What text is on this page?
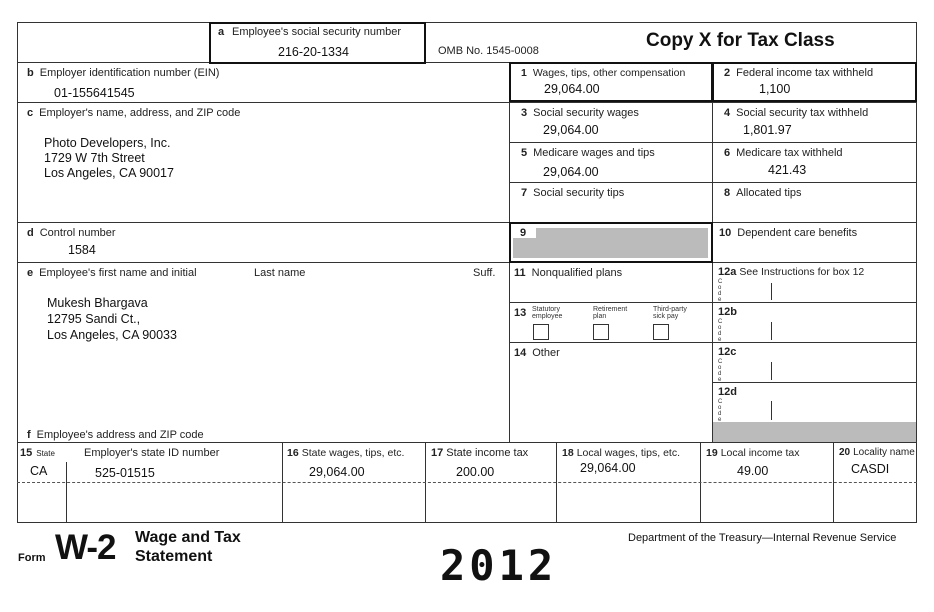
a Employee's social security number
216-20-1334	OMB No. 1545-0008	Copy X for Tax Class
b Employer identification number (EIN)
01-155641545
c Employer's name, address, and ZIP code
Photo Developers, Inc.
1729 W 7th Street
Los Angeles, CA 90017
d Control number
1584
e Employee's first name and initial	Last name	Suff.
Mukesh Bhargava
12795 Sandi Ct.,
Los Angeles, CA 90033
f Employee's address and ZIP code
1 Wages, tips, other compensation
29,064.00
2 Federal income tax withheld
1,100
3 Social security wages
29,064.00
4 Social security tax withheld
1,801.97
5 Medicare wages and tips
29,064.00
6 Medicare tax withheld
421.43
7 Social security tips	8 Allocated tips
9	10 Dependent care benefits
11 Nonqualified plans
13 Statutory employee
Retirement plan
Third-party sick pay
14 Other
12a See Instructions for box 12
C
o
d
e
12b
C
o
d
e
12c
C
o
d
e
12d
C
o
d
e
15 State	Employer's state ID number
CA	525-01515
16 State wages, tips, etc.
29,064.00
17 State income tax
200.00
18 Local wages, tips, etc.
29,064.00
19 Local income tax
49.00
20 Locality name
CASDI
Form W-2 Wage and Tax
Statement	2012
Department of the Treasury—Internal Revenue Service
